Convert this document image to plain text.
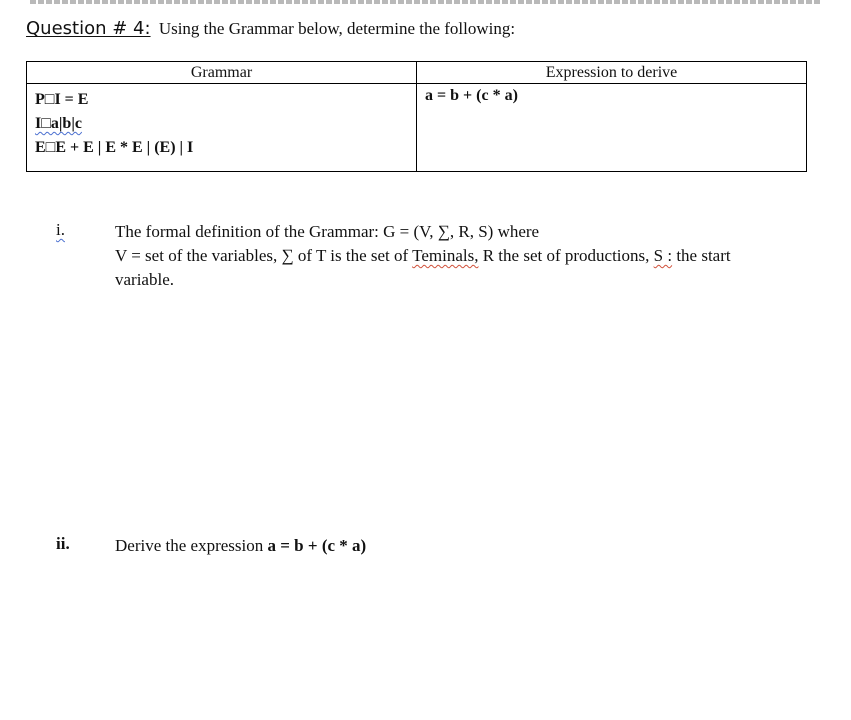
Question # 4: Using the Grammar below, determine the following:
Grammar	Expression to derive

P□I = E
I□a|b|c
E□E + E | E * E | (E) | I	a = b + (c * a)
i.	The formal definition of the Grammar: G = (V, ∑, R, S) where
V = set of the variables, ∑ of T is the set of Teminals, R the set of productions, S : the start
variable.
ii.	Derive the expression a = b + (c * a)
